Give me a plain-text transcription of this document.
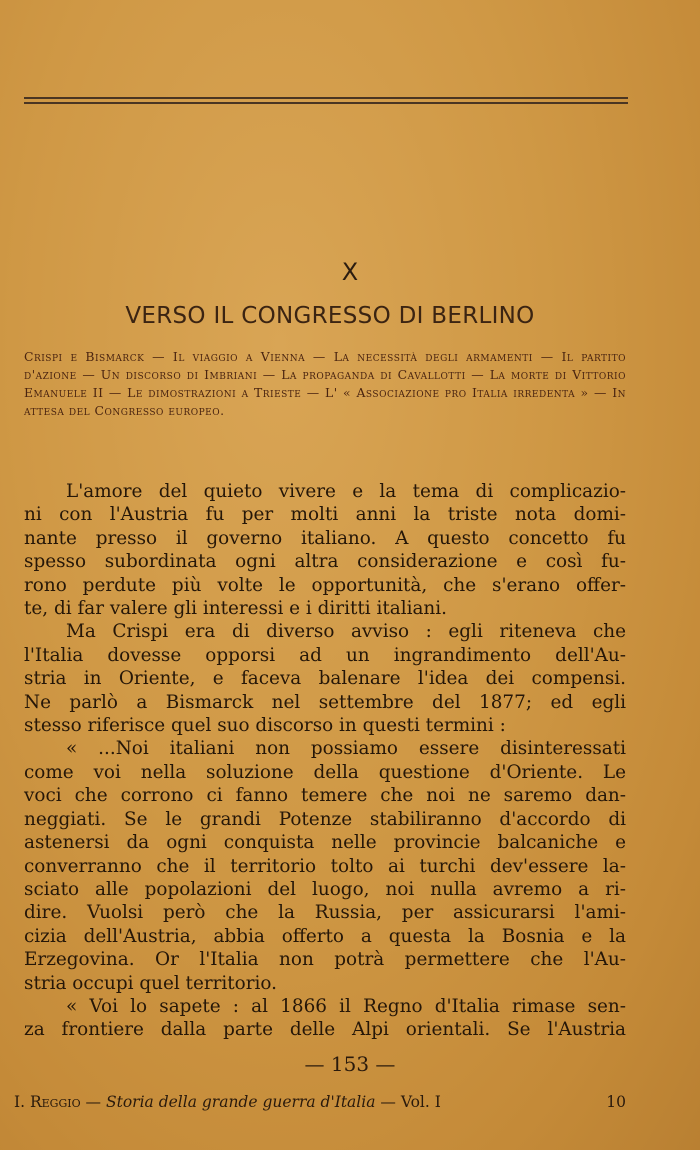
X
VERSO IL CONGRESSO DI BERLINO
Crispi e Bismarck — Il viaggio a Vienna — La necessità degli armamenti — Il partito d'azione — Un discorso di Imbriani — La propaganda di Cavallotti — La morte di Vittorio Emanuele II — Le dimostrazioni a Trieste — L' « Associazione pro Italia irredenta » — In attesa del Congresso europeo.
L'amore del quieto vivere e la tema di complicazio-
ni con l'Austria fu per molti anni la triste nota domi-
nante presso il governo italiano. A questo concetto fu
spesso subordinata ogni altra considerazione e così fu-
rono perdute più volte le opportunità, che s'erano offer-
te, di far valere gli interessi e i diritti italiani.
Ma Crispi era di diverso avviso : egli riteneva che
l'Italia dovesse opporsi ad un ingrandimento dell'Au-
stria in Oriente, e faceva balenare l'idea dei compensi.
Ne parlò a Bismarck nel settembre del 1877; ed egli
stesso riferisce quel suo discorso in questi termini :
« ...Noi italiani non possiamo essere disinteressati
come voi nella soluzione della questione d'Oriente. Le
voci che corrono ci fanno temere che noi ne saremo dan-
neggiati. Se le grandi Potenze stabiliranno d'accordo di
astenersi da ogni conquista nelle provincie balcaniche e
converranno che il territorio tolto ai turchi dev'essere la-
sciato alle popolazioni del luogo, noi nulla avremo a ri-
dire. Vuolsi però che la Russia, per assicurarsi l'ami-
cizia dell'Austria, abbia offerto a questa la Bosnia e la
Erzegovina. Or l'Italia non potrà permettere che l'Au-
stria occupi quel territorio.
« Voi lo sapete : al 1866 il Regno d'Italia rimase sen-
za frontiere dalla parte delle Alpi orientali. Se l'Austria
— 153 —
I. Reggio — Storia della grande guerra d'Italia — Vol. I	10
